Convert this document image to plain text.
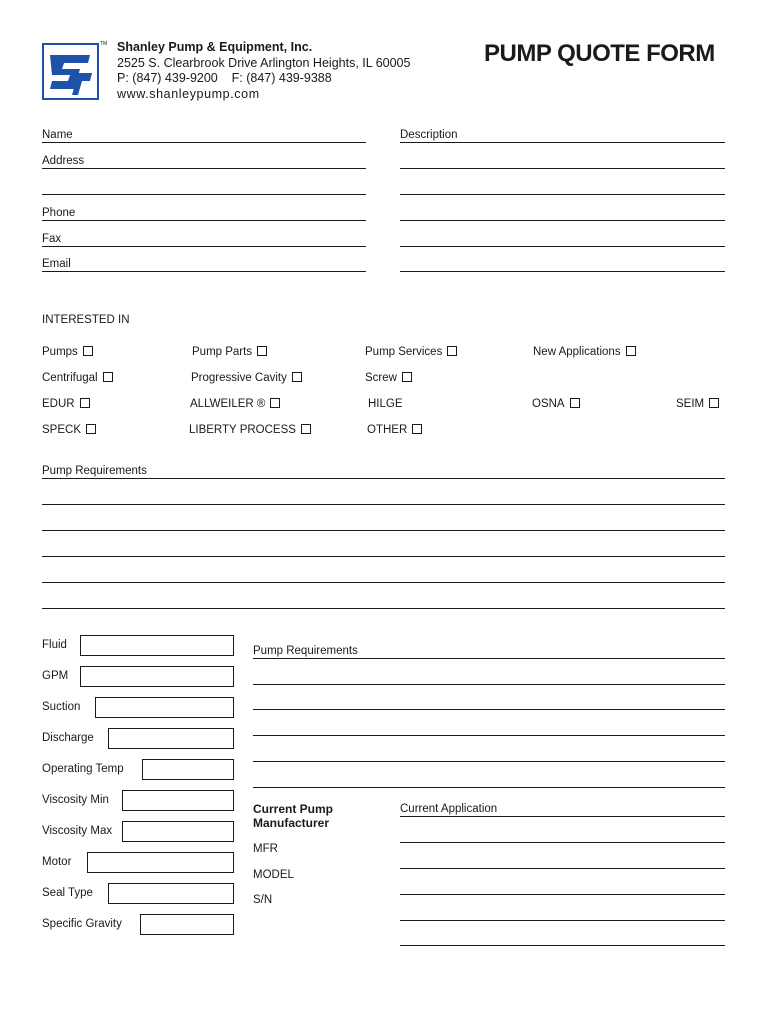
TM Shanley Pump & Equipment, Inc.
2525 S. Clearbrook Drive Arlington Heights, IL 60005
P: (847) 439-9200    F: (847) 439-9388
www.shanleypump.com
PUMP QUOTE FORM
Name
Address
Phone
Fax
Email
Description
INTERESTED IN
Pumps	Pump Parts	Pump Services	New Applications
Centrifugal	Progressive Cavity	Screw
EDUR	ALLWEILER ®	HILGE	OSNA	SEIM
SPECK	LIBERTY PROCESS	OTHER
Pump Requirements
Fluid
GPM
Suction
Discharge
Operating Temp
Viscosity Min
Viscosity Max
Motor
Seal Type
Specific Gravity
Pump Requirements
Current Pump Manufacturer
MFR
MODEL
S/N
Current Application
